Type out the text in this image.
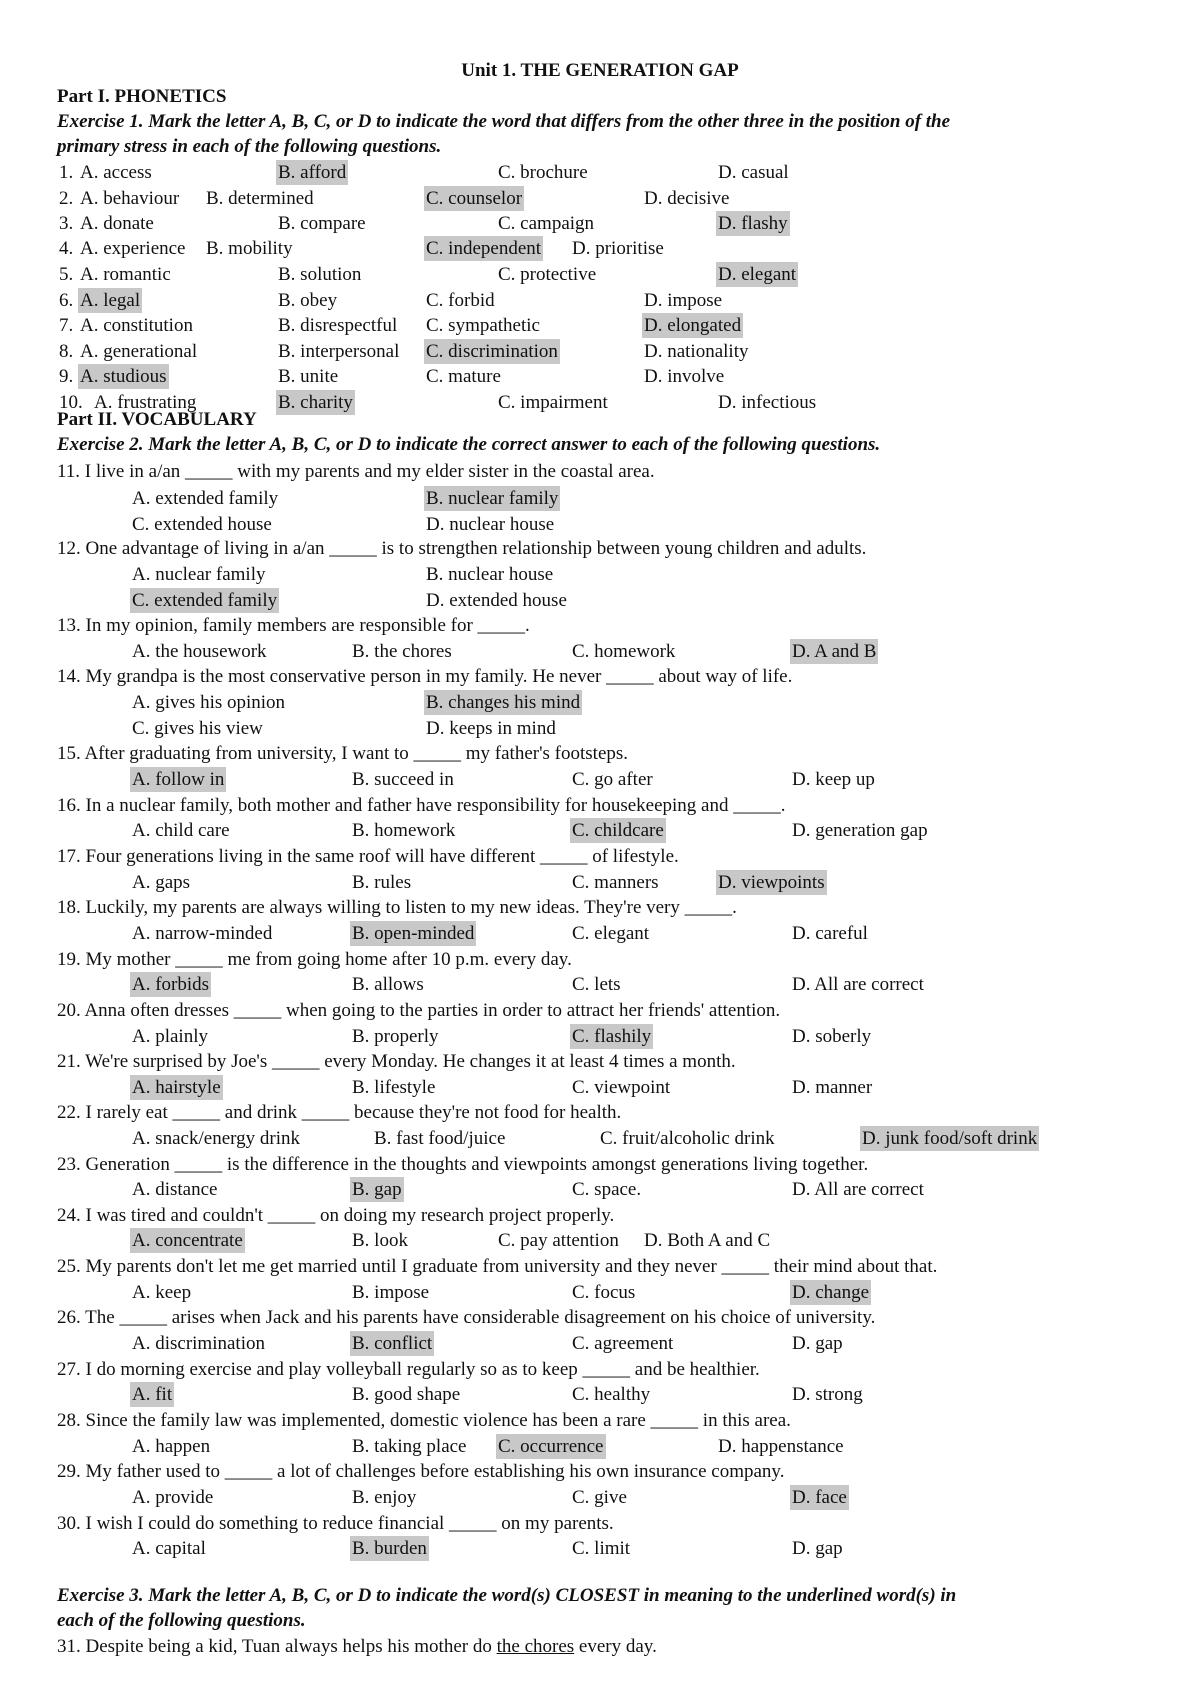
Unit 1. THE GENERATION GAP
Part I. PHONETICS
Exercise 1. Mark the letter A, B, C, or D to indicate the word that differs from the other three in the position of the
primary stress in each of the following questions.
1. A. access	B. afford	C. brochure	D. casual
2. A. behaviour B. determined	C. counselor	D. decisive
3. A. donate	B. compare	C. campaign	D. flashy
4. A. experience B. mobility	C. independent D. prioritise
5. A. romantic	B. solution	C. protective	D. elegant
6. A. legal	B. obey	C. forbid	D. impose
7. A. constitution	B. disrespectful C. sympathetic	D. elongated
8. A. generational	B. interpersonal C. discrimination	D. nationality
9. A. studious	B. unite	C. mature	D. involve
10. A. frustrating	B. charity	C. impairment	D. infectious
Part II. VOCABULARY
Exercise 2. Mark the letter A, B, C, or D to indicate the correct answer to each of the following questions.
11. I live in a/an _____ with my parents and my elder sister in the coastal area.
A. extended family	B. nuclear family
C. extended house	D. nuclear house
12. One advantage of living in a/an _____ is to strengthen relationship between young children and adults.
A. nuclear family	B. nuclear house
C. extended family	D. extended house
13. In my opinion, family members are responsible for _____.
A. the housework	B. the chores	C. homework	D. A and B
14. My grandpa is the most conservative person in my family. He never _____ about way of life.
A. gives his opinion	B. changes his mind
C. gives his view	D. keeps in mind
15. After graduating from university, I want to _____ my father's footsteps.
A. follow in	B. succeed in	C. go after	D. keep up
16. In a nuclear family, both mother and father have responsibility for housekeeping and _____.
A. child care	B. homework	C. childcare	D. generation gap
17. Four generations living in the same roof will have different _____ of lifestyle.
A. gaps	B. rules	C. manners	D. viewpoints
18. Luckily, my parents are always willing to listen to my new ideas. They're very _____.
A. narrow-minded	B. open-minded	C. elegant	D. careful
19. My mother _____ me from going home after 10 p.m. every day.
A. forbids	B. allows	C. lets	D. All are correct
20. Anna often dresses _____ when going to the parties in order to attract her friends' attention.
A. plainly	B. properly	C. flashily	D. soberly
21. We're surprised by Joe's _____ every Monday. He changes it at least 4 times a month.
A. hairstyle	B. lifestyle	C. viewpoint	D. manner
22. I rarely eat _____ and drink _____ because they're not food for health.
A. snack/energy drink	B. fast food/juice	C. fruit/alcoholic drink	D. junk food/soft drink
23. Generation _____ is the difference in the thoughts and viewpoints amongst generations living together.
A. distance	B. gap	C. space.	D. All are correct
24. I was tired and couldn't _____ on doing my research project properly.
A. concentrate	B. look	C. pay attention D. Both A and C
25. My parents don't let me get married until I graduate from university and they never _____ their mind about that.
A. keep	B. impose	C. focus	D. change
26. The _____ arises when Jack and his parents have considerable disagreement on his choice of university.
A. discrimination	B. conflict	C. agreement	D. gap
27. I do morning exercise and play volleyball regularly so as to keep _____ and be healthier.
A. fit	B. good shape	C. healthy	D. strong
28. Since the family law was implemented, domestic violence has been a rare _____ in this area.
A. happen	B. taking place C. occurrence	D. happenstance
29. My father used to _____ a lot of challenges before establishing his own insurance company.
A. provide	B. enjoy	C. give	D. face
30. I wish I could do something to reduce financial _____ on my parents.
A. capital	B. burden	C. limit	D. gap
Exercise 3. Mark the letter A, B, C, or D to indicate the word(s) CLOSEST in meaning to the underlined word(s) in
each of the following questions.
31. Despite being a kid, Tuan always helps his mother do the chores every day.
